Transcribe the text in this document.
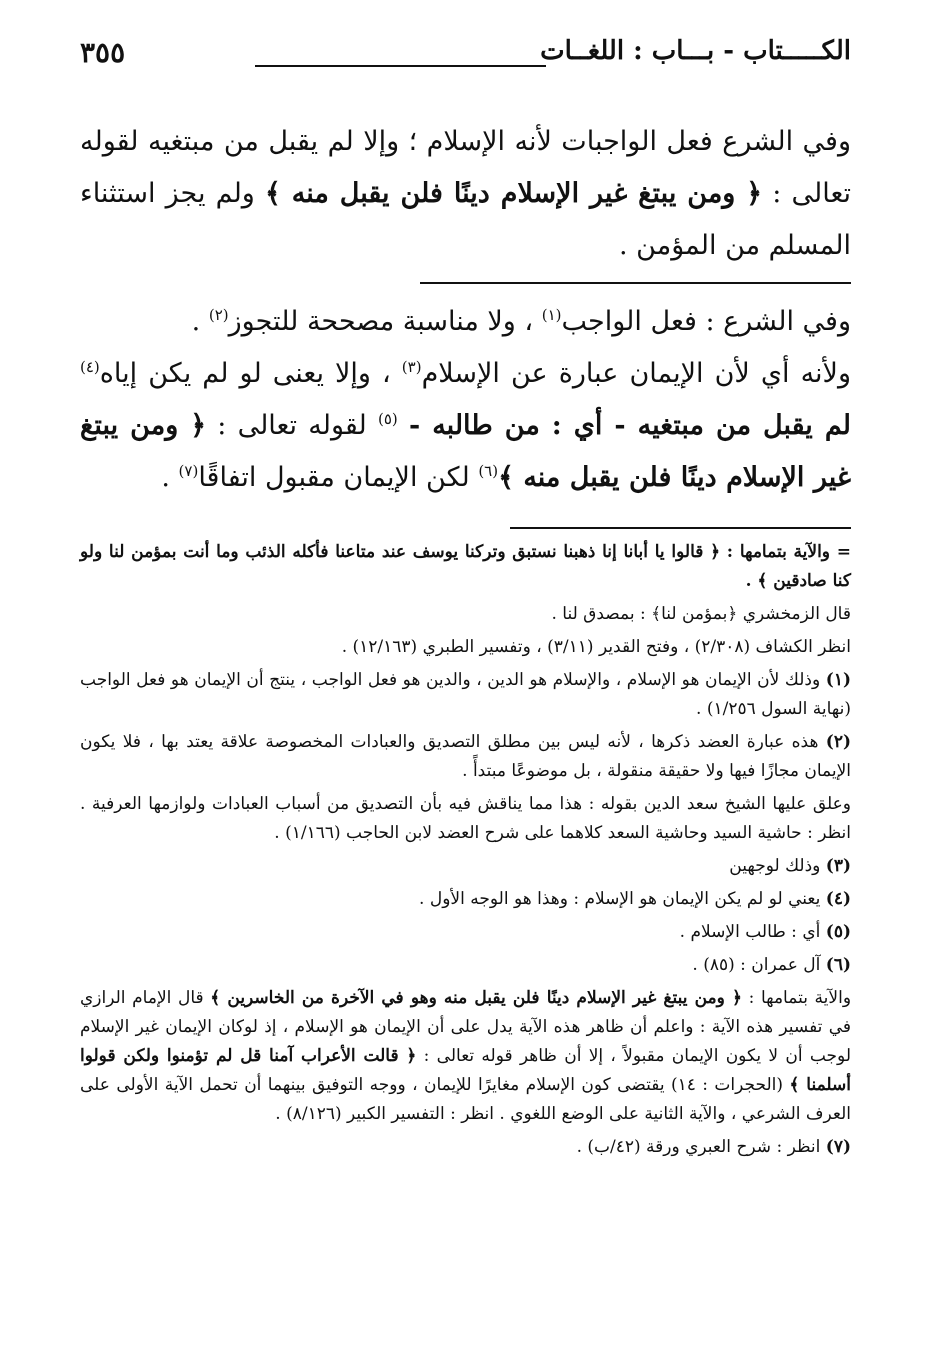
٣٥٥	الكـــــتاب - بـــاب : اللغــات

وفي الشرع فعل الواجبات لأنه الإسلام ؛ وإلا لم يقبل من مبتغيه لقوله تعالى : ﴿ ومن يبتغ غير الإسلام دينًا فلن يقبل منه ﴾ ولم يجز استثناء المسلم من المؤمن .

وفي الشرع : فعل الواجب$^{(١)}$ ، ولا مناسبة مصححة للتجوز$^{(٢)}$ .

ولأنه أي لأن الإيمان عبارة عن الإسلام$^{(٣)}$ ، وإلا يعنى لو لم يكن إياه$^{(٤)}$ لم يقبل من مبتغيه - أي : من طالبه - $^{(٥)}$ لقوله تعالى : ﴿ ومن يبتغ غير الإسلام دينًا فلن يقبل منه ﴾$^{(٦)}$ لكن الإيمان مقبول اتفاقًا$^{(٧)}$ .

= والآية بتمامها : ﴿ قالوا يا أبانا إنا ذهبنا نستبق وتركنا يوسف عند متاعنا فأكله الذئب وما أنت بمؤمن لنا ولو كنا صادقين ﴾ .

قال الزمخشري ﴿بمؤمن لنا﴾ : بمصدق لنا .

انظر الكشاف (٢/٣٠٨) ، وفتح القدير (٣/١١) ، وتفسير الطبري (١٢/١٦٣) .

(١) وذلك لأن الإيمان هو الإسلام ، والإسلام هو الدين ، والدين هو فعل الواجب ، ينتج أن الإيمان هو فعل الواجب (نهاية السول ١/٢٥٦) .

(٢) هذه عبارة العضد ذكرها ، لأنه ليس بين مطلق التصديق والعبادات المخصوصة علاقة يعتد بها ، فلا يكون الإيمان مجازًا فيها ولا حقيقة منقولة ، بل موضوعًا مبتدأً .

وعلق عليها الشيخ سعد الدين بقوله : هذا مما يناقش فيه بأن التصديق من أسباب العبادات ولوازمها العرفية . انظر : حاشية السيد وحاشية السعد كلاهما على شرح العضد لابن الحاجب (١/١٦٦) .

(٣) وذلك لوجهين

(٤) يعني لو لم يكن الإيمان هو الإسلام : وهذا هو الوجه الأول .

(٥) أي : طالب الإسلام .

(٦) آل عمران : (٨٥) .

والآية بتمامها : ﴿ ومن يبتغ غير الإسلام دينًا فلن يقبل منه وهو في الآخرة من الخاسرين ﴾ قال الإمام الرازي في تفسير هذه الآية : واعلم أن ظاهر هذه الآية يدل على أن الإيمان هو الإسلام ، إذ لوكان الإيمان غير الإسلام لوجب أن لا يكون الإيمان مقبولاً ، إلا أن ظاهر قوله تعالى : ﴿ قالت الأعراب آمنا قل لم تؤمنوا ولكن قولوا أسلمنا ﴾ (الحجرات : ١٤) يقتضى كون الإسلام مغايرًا للإيمان ، ووجه التوفيق بينهما أن تحمل الآية الأولى على العرف الشرعي ، والآية الثانية على الوضع اللغوي . انظر : التفسير الكبير (٨/١٢٦) .

(٧) انظر : شرح العبري ورقة (٤٢/ب) .
